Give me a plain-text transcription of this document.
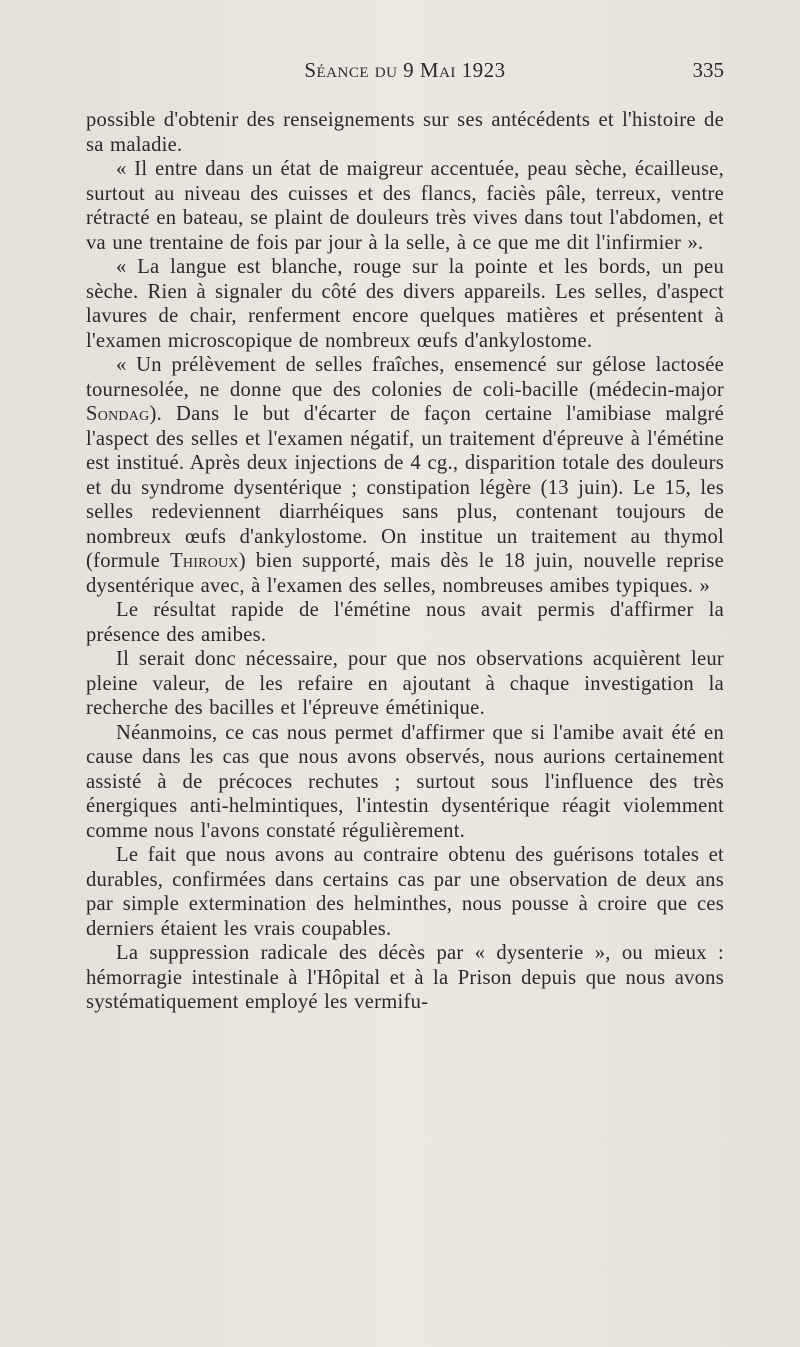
Séance du 9 Mai 1923	335

possible d'obtenir des renseignements sur ses antécédents et l'histoire de sa maladie.

« Il entre dans un état de maigreur accentuée, peau sèche, écailleuse, surtout au niveau des cuisses et des flancs, faciès pâle, terreux, ventre rétracté en bateau, se plaint de douleurs très vives dans tout l'abdomen, et va une trentaine de fois par jour à la selle, à ce que me dit l'infirmier ».

« La langue est blanche, rouge sur la pointe et les bords, un peu sèche. Rien à signaler du côté des divers appareils. Les selles, d'aspect lavures de chair, renferment encore quelques matières et présentent à l'examen microscopique de nombreux œufs d'ankylostome.

« Un prélèvement de selles fraîches, ensemencé sur gélose lactosée tournesolée, ne donne que des colonies de coli-bacille (médecin-major Sondag). Dans le but d'écarter de façon certaine l'amibiase malgré l'aspect des selles et l'examen négatif, un traitement d'épreuve à l'émétine est institué. Après deux injections de 4 cg., disparition totale des douleurs et du syndrome dysentérique ; constipation légère (13 juin). Le 15, les selles redeviennent diarrhéiques sans plus, contenant toujours de nombreux œufs d'ankylostome. On institue un traitement au thymol (formule Thiroux) bien supporté, mais dès le 18 juin, nouvelle reprise dysentérique avec, à l'examen des selles, nombreuses amibes typiques. »

Le résultat rapide de l'émétine nous avait permis d'affirmer la présence des amibes.

Il serait donc nécessaire, pour que nos observations acquièrent leur pleine valeur, de les refaire en ajoutant à chaque investigation la recherche des bacilles et l'épreuve émétinique.

Néanmoins, ce cas nous permet d'affirmer que si l'amibe avait été en cause dans les cas que nous avons observés, nous aurions certainement assisté à de précoces rechutes ; surtout sous l'influence des très énergiques anti-helmintiques, l'intestin dysentérique réagit violemment comme nous l'avons constaté régulièrement.

Le fait que nous avons au contraire obtenu des guérisons totales et durables, confirmées dans certains cas par une observation de deux ans par simple extermination des helminthes, nous pousse à croire que ces derniers étaient les vrais coupables.

La suppression radicale des décès par « dysenterie », ou mieux : hémorragie intestinale à l'Hôpital et à la Prison depuis que nous avons systématiquement employé les vermifu-
